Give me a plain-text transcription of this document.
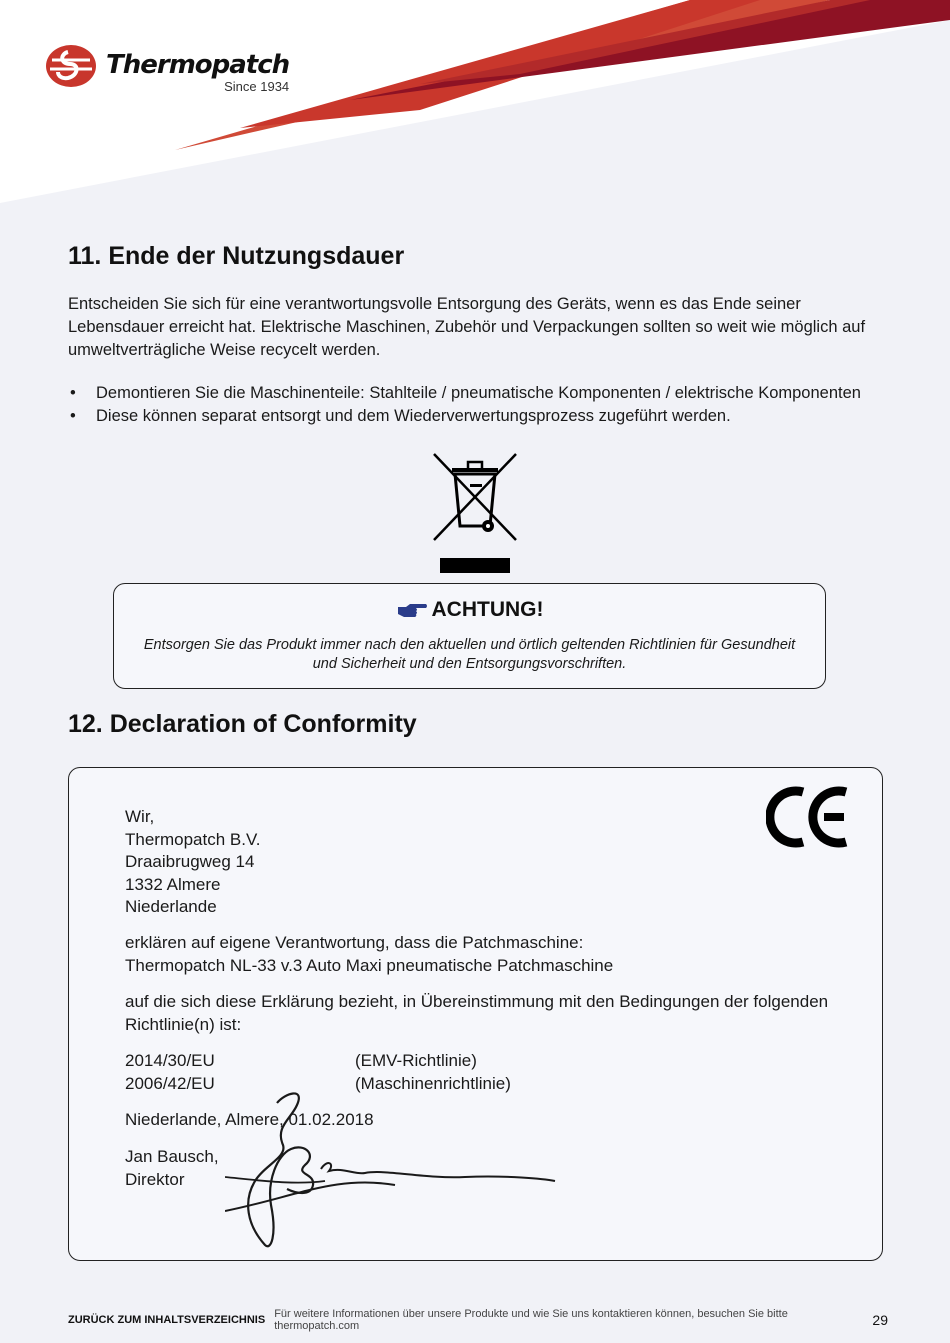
Thermopatch
Since 1934
11. Ende der Nutzungsdauer

Entscheiden Sie sich für eine verantwortungsvolle Entsorgung des Geräts, wenn es das Ende seiner Lebensdauer erreicht hat. Elektrische Maschinen, Zubehör und Verpackungen sollten so weit wie möglich auf umweltverträgliche Weise recycelt werden.

• Demontieren Sie die Maschinenteile: Stahlteile / pneumatische Komponenten / elektrische Komponenten
• Diese können separat entsorgt und dem Wiederverwertungsprozess zugeführt werden.
ACHTUNG!
Entsorgen Sie das Produkt immer nach den aktuellen und örtlich geltenden Richtlinien für Gesundheit und Sicherheit und den Entsorgungsvorschriften.
12. Declaration of Conformity
Wir,
Thermopatch B.V.
Draaibrugweg 14
1332 Almere
Niederlande
erklären auf eigene Verantwortung, dass die Patchmaschine:
Thermopatch NL-33 v.3 Auto Maxi pneumatische Patchmaschine

auf die sich diese Erklärung bezieht, in Übereinstimmung mit den Bedingungen der folgenden Richtlinie(n) ist:

2014/30/EU	(EMV-Richtlinie)
2006/42/EU	(Maschinenrichtlinie)
Niederlande, Almere, 01.02.2018
Jan Bausch,
Direktor
ZURÜCK ZUM INHALTSVERZEICHNIS Für weitere Informationen über unsere Produkte und wie Sie uns kontaktieren können, besuchen Sie bitte thermopatch.com	29
